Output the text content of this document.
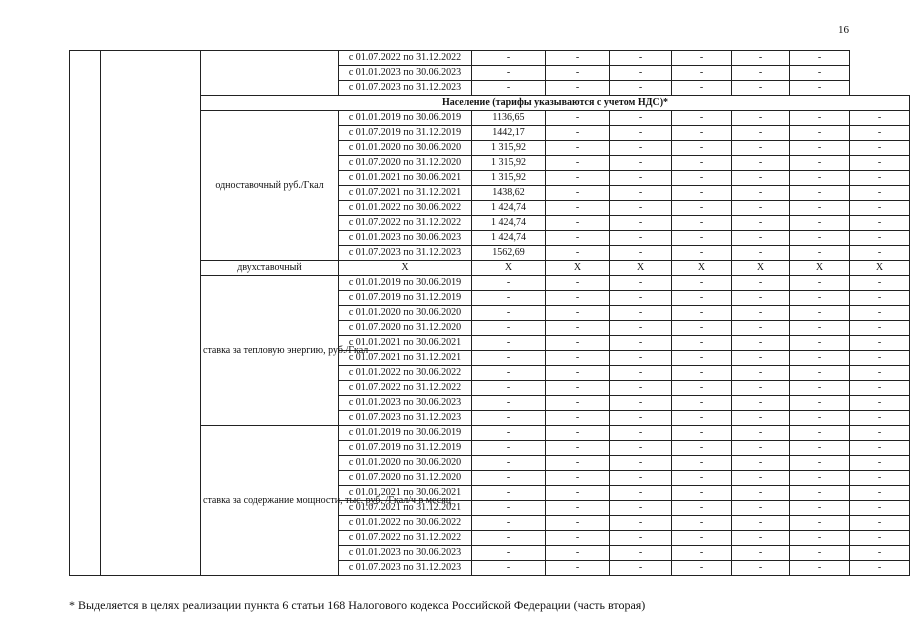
16
			с 01.07.2022 по 31.12.2022	-	-	-	-	-	-	
			с 01.01.2023 по 30.06.2023	-	-	-	-	-	-	
			с 01.07.2023 по 31.12.2023	-	-	-	-	-	-	
		Население (тарифы указываются с учетом НДС)*								
		одноставочный руб./Гкал	с 01.01.2019 по 30.06.2019	1136,65	-	-	-	-	-	-
			с 01.07.2019 по 31.12.2019	1442,17	-	-	-	-	-	-
			с 01.01.2020 по 30.06.2020	1 315,92	-	-	-	-	-	-
			с 01.07.2020 по 31.12.2020	1 315,92	-	-	-	-	-	-
			с 01.01.2021 по 30.06.2021	1 315,92	-	-	-	-	-	-
			с 01.07.2021 по 31.12.2021	1438,62	-	-	-	-	-	-
			с 01.01.2022 по 30.06.2022	1 424,74	-	-	-	-	-	-
			с 01.07.2022 по 31.12.2022	1 424,74	-	-	-	-	-	-
			с 01.01.2023 по 30.06.2023	1 424,74	-	-	-	-	-	-
			с 01.07.2023 по 31.12.2023	1562,69	-	-	-	-	-	-
		двухставочный	Х	Х	Х	Х	Х	Х	Х	Х
		ставка за тепловую энергию, руб./Гкал	с 01.01.2019 по 30.06.2019	-	-	-	-	-	-	-
			с 01.07.2019 по 31.12.2019	-	-	-	-	-	-	-
			с 01.01.2020 по 30.06.2020	-	-	-	-	-	-	-
			с 01.07.2020 по 31.12.2020	-	-	-	-	-	-	-
			с 01.01.2021 по 30.06.2021	-	-	-	-	-	-	-
			с 01.07.2021 по 31.12.2021	-	-	-	-	-	-	-
			с 01.01.2022 по 30.06.2022	-	-	-	-	-	-	-
			с 01.07.2022 по 31.12.2022	-	-	-	-	-	-	-
			с 01.01.2023 по 30.06.2023	-	-	-	-	-	-	-
			с 01.07.2023 по 31.12.2023	-	-	-	-	-	-	-
		ставка за содержание мощности, тыс. руб. /Гкал/ч в месяц	с 01.01.2019 по 30.06.2019	-	-	-	-	-	-	-
			с 01.07.2019 по 31.12.2019	-	-	-	-	-	-	-
			с 01.01.2020 по 30.06.2020	-	-	-	-	-	-	-
			с 01.07.2020 по 31.12.2020	-	-	-	-	-	-	-
			с 01.01.2021 по 30.06.2021	-	-	-	-	-	-	-
			с 01.07.2021 по 31.12.2021	-	-	-	-	-	-	-
			с 01.01.2022 по 30.06.2022	-	-	-	-	-	-	-
			с 01.07.2022 по 31.12.2022	-	-	-	-	-	-	-
			с 01.01.2023 по 30.06.2023	-	-	-	-	-	-	-
			с 01.07.2023 по 31.12.2023	-	-	-	-	-	-	-
* Выделяется в целях реализации пункта 6 статьи 168 Налогового кодекса Российской Федерации (часть вторая)
